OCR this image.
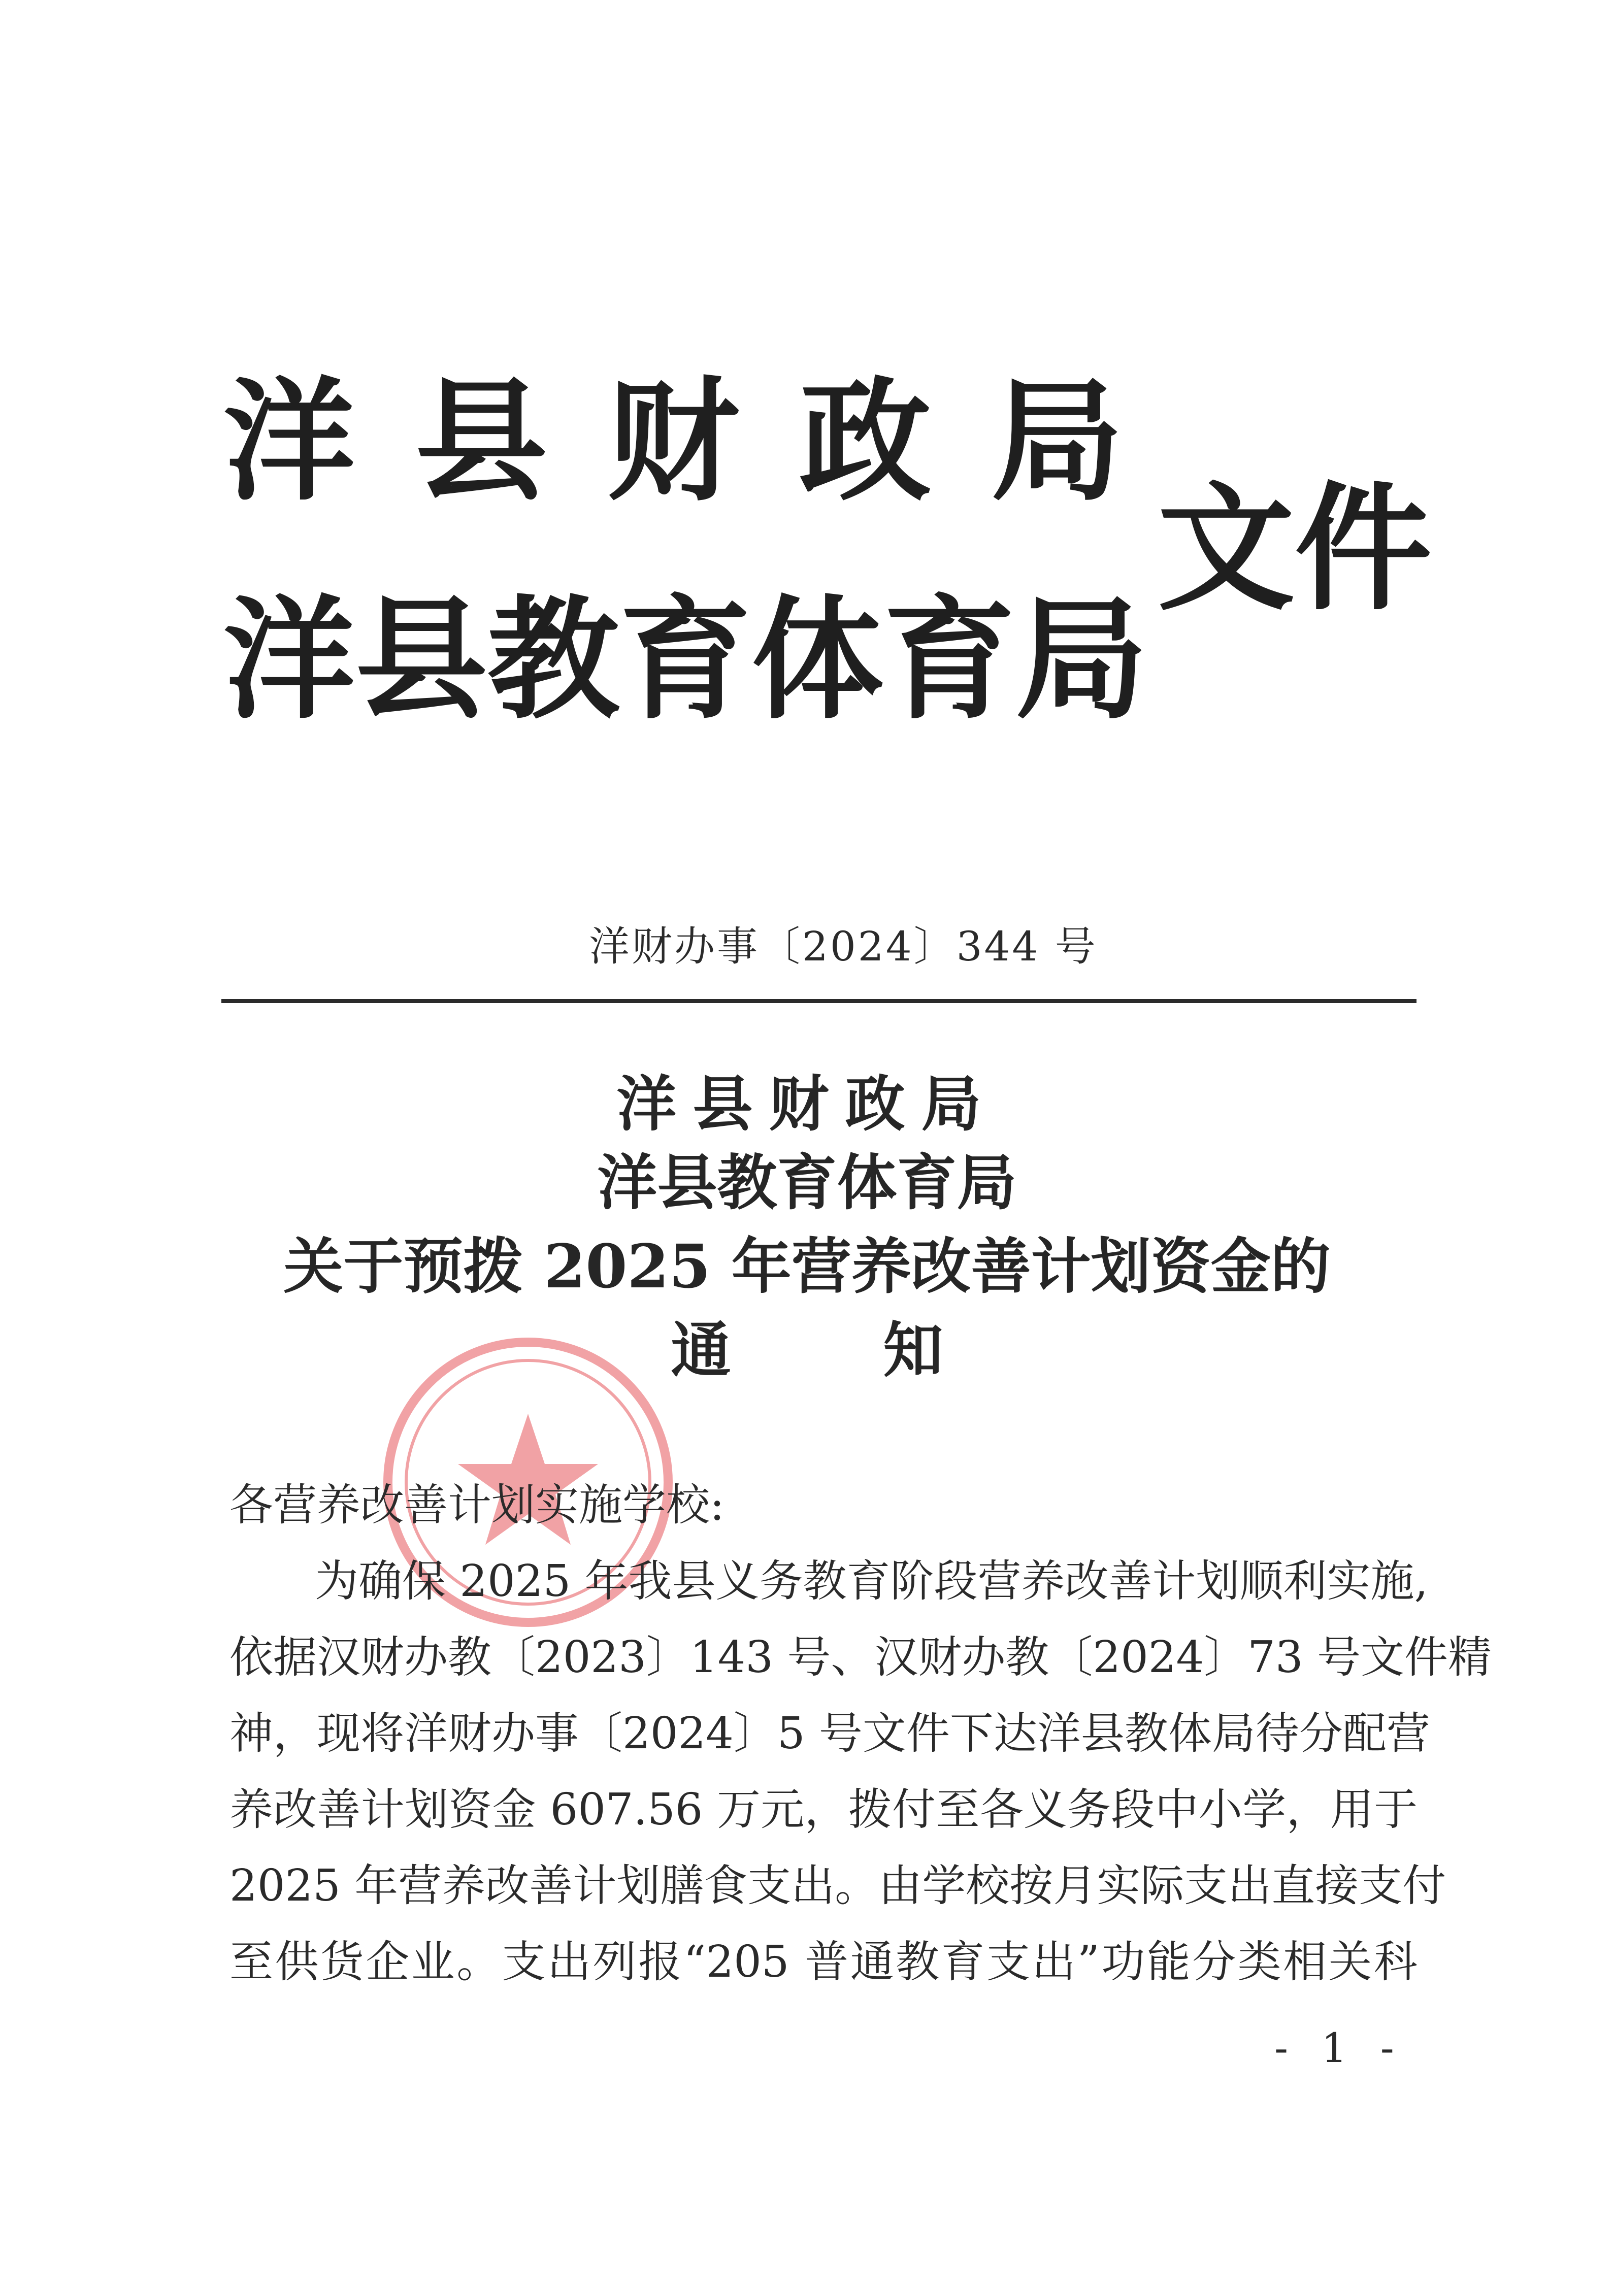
洋县财政局
洋县教育体育局
文件
洋财办事〔2024〕344 号
洋县财政局
洋县教育体育局
关于预拨 2025 年营养改善计划资金的
通知
各营养改善计划实施学校:
为确保 2025 年我县义务教育阶段营养改善计划顺利实施,
依据汉财办教〔2023〕143 号、汉财办教〔2024〕73 号文件精
神，现将洋财办事〔2024〕5 号文件下达洋县教体局待分配营
养改善计划资金 607.56 万元，拨付至各义务段中小学，用于
2025 年营养改善计划膳食支出。由学校按月实际支出直接支付
至供货企业。支出列报“205 普通教育支出”功能分类相关科
- 1 -
